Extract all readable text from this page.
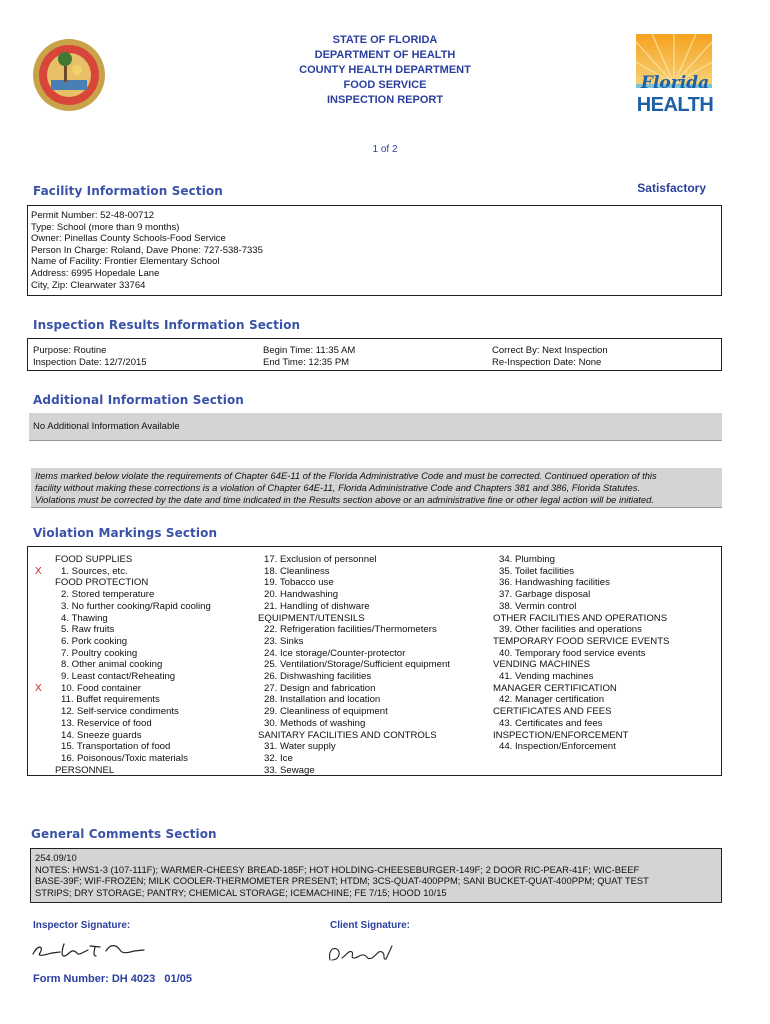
STATE OF FLORIDA
DEPARTMENT OF HEALTH
COUNTY HEALTH DEPARTMENT
FOOD SERVICE
INSPECTION REPORT
1 of 2
Florida
HEALTH
Facility Information Section	Satisfactory
Permit Number: 52-48-00712
Type: School (more than 9 months)
Owner: Pinellas County Schools-Food Service
Person In Charge: Roland, Dave Phone: 727-538-7335
Name of Facility: Frontier Elementary School
Address: 6995 Hopedale Lane
City, Zip: Clearwater 33764
Inspection Results Information Section
Purpose: Routine
Inspection Date: 12/7/2015
Begin Time: 11:35 AM
End Time: 12:35 PM
Correct By: Next Inspection
Re-Inspection Date: None
Additional Information Section
No Additional Information Available
Items marked below violate the requirements of Chapter 64E-11 of the Florida Administrative Code and must be corrected. Continued operation of this
facility without making these corrections is a violation of Chapter 64E-11, Florida Administrative Code and Chapters 381 and 386, Florida Statutes.
Violations must be corrected by the date and time indicated in the Results section above or an administrative fine or other legal action will be initiated.
Violation Markings Section
X
X
FOOD SUPPLIES
1. Sources, etc.
FOOD PROTECTION
2. Stored temperature
3. No further cooking/Rapid cooling
4. Thawing
5. Raw fruits
6. Pork cooking
7. Poultry cooking
8. Other animal cooking
9. Least contact/Reheating
10. Food container
11. Buffet requirements
12. Self-service condiments
13. Reservice of food
14. Sneeze guards
15. Transportation of food
16. Poisonous/Toxic materials
PERSONNEL
17. Exclusion of personnel
18. Cleanliness
19. Tobacco use
20. Handwashing
21. Handling of dishware
EQUIPMENT/UTENSILS
22. Refrigeration facilities/Thermometers
23. Sinks
24. Ice storage/Counter-protector
25. Ventilation/Storage/Sufficient equipment
26. Dishwashing facilities
27. Design and fabrication
28. Installation and location
29. Cleanliness of equipment
30. Methods of washing
SANITARY FACILITIES AND CONTROLS
31. Water supply
32. Ice
33. Sewage
34. Plumbing
35. Toilet facilities
36. Handwashing facilities
37. Garbage disposal
38. Vermin control
OTHER FACILITIES AND OPERATIONS
39. Other facilities and operations
TEMPORARY FOOD SERVICE EVENTS
40. Temporary food service events
VENDING MACHINES
41. Vending machines
MANAGER CERTIFICATION
42. Manager certification
CERTIFICATES AND FEES
43. Certificates and fees
INSPECTION/ENFORCEMENT
44. Inspection/Enforcement
General Comments Section
254.09/10
NOTES: HWS1-3 (107-111F); WARMER-CHEESY BREAD-185F; HOT HOLDING-CHEESEBURGER-149F; 2 DOOR RIC-PEAR-41F; WIC-BEEF
BASE-39F; WIF-FROZEN; MILK COOLER-THERMOMETER PRESENT; HTDM; 3CS-QUAT-400PPM; SANI BUCKET-QUAT-400PPM; QUAT TEST
STRIPS; DRY STORAGE; PANTRY; CHEMICAL STORAGE; ICEMACHINE; FE 7/15; HOOD 10/15
Inspector Signature:	Client Signature:
Form Number: DH 4023   01/05
